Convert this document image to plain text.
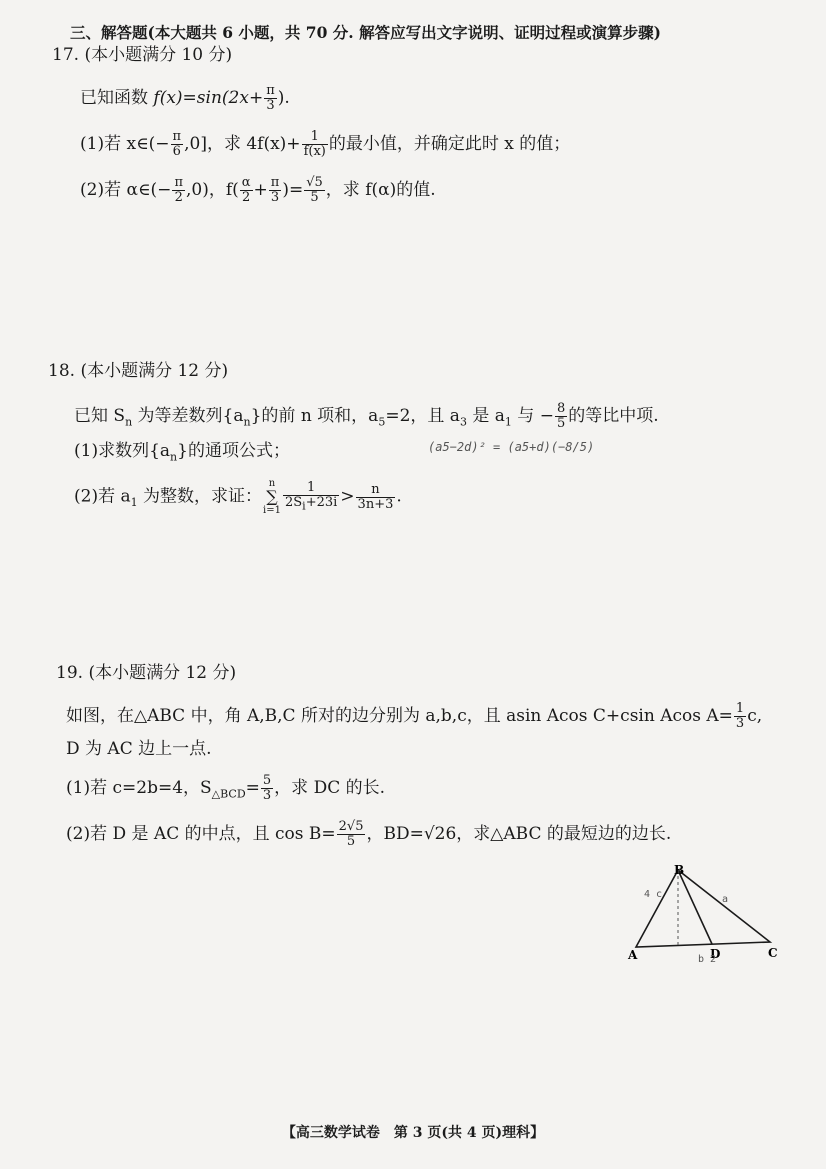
三、解答题(本大题共 6 小题，共 70 分. 解答应写出文字说明、证明过程或演算步骤)
17. (本小题满分 10 分)
已知函数 $f(x)=\sin(2x+ \frac{\pi}{3}$ ).
(1)若 x∈(− $\frac{\pi}{6} ,0$]，求 $4f(x)+ \frac{1}{f(x)}$ 的最小值，并确定此时 x 的值；
(2)若 α∈(− $\frac{\pi}{2} ,0$)，$f( \frac{\alpha}{2} + \frac{\pi}{3}$ )= $\frac{√5}{5}$ ，求 f(α)的值.
18. (本小题满分 12 分)
已知 $S_n$ 为等差数列$\{a_n\}$的前 n 项和，$a_5=2$，且 $a_3$ 是 $a_1$ 与 − $\frac{8}{5}$ 的等比中项.
(1)求数列$\{a_n\}$的通项公式；	(a5−2d)² = (a5+d)(−8/5)
(2)若 $a_1$ 为整数，求证：
n
∑
$i=1 \frac{1}{2S_i+23i} > \frac{n}{3n+3}$ .
19. (本小题满分 12 分)
如图，在△ABC 中，角 A,B,C 所对的边分别为 a,b,c，且 asin Acos C+csin Acos $A= \frac{1}{3} c$,
D 为 AC 边上一点.
(1)若 c=2b=4，$S_{\triangle BCD}= \frac{5}{3}$ ，求 DC 的长.
(2)若 D 是 AC 的中点，且 $\cos B= \frac{2√5}{5}$ ，BD=√26，求△ABC 的最短边的边长.
A
B
C
D
4 c	a
b 2
【高三数学试卷　第 3 页(共 4 页)理科】
